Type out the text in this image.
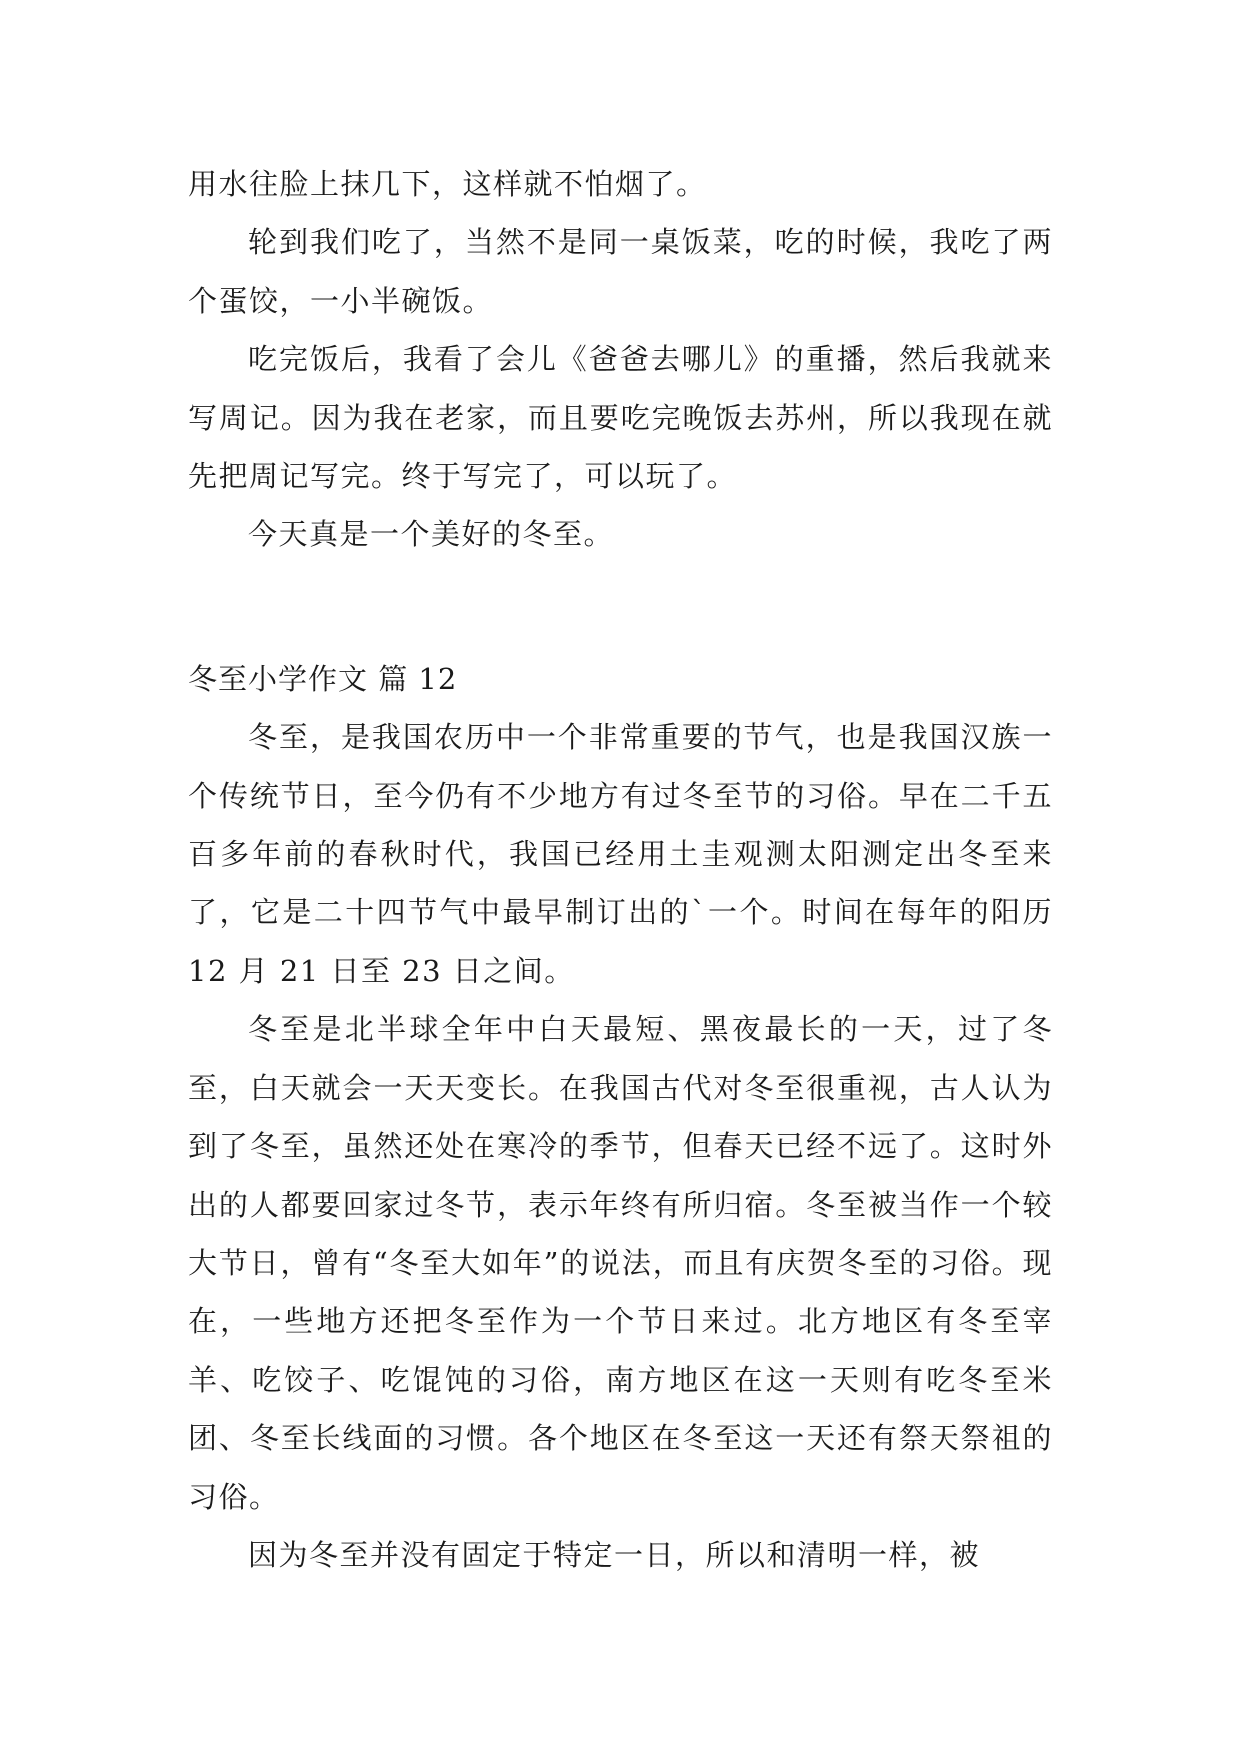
用水往脸上抹几下，这样就不怕烟了。

轮到我们吃了，当然不是同一桌饭菜，吃的时候，我吃了两个蛋饺，一小半碗饭。

吃完饭后，我看了会儿《爸爸去哪儿》的重播，然后我就来写周记。因为我在老家，而且要吃完晚饭去苏州，所以我现在就先把周记写完。终于写完了，可以玩了。

今天真是一个美好的冬至。

冬至小学作文 篇 12

冬至，是我国农历中一个非常重要的节气，也是我国汉族一个传统节日，至今仍有不少地方有过冬至节的习俗。早在二千五百多年前的春秋时代，我国已经用土圭观测太阳测定出冬至来了，它是二十四节气中最早制订出的`一个。时间在每年的阳历 12 月 21 日至 23 日之间。

冬至是北半球全年中白天最短、黑夜最长的一天，过了冬至，白天就会一天天变长。在我国古代对冬至很重视，古人认为到了冬至，虽然还处在寒冷的季节，但春天已经不远了。这时外出的人都要回家过冬节，表示年终有所归宿。冬至被当作一个较大节日，曾有“冬至大如年”的说法，而且有庆贺冬至的习俗。现在，一些地方还把冬至作为一个节日来过。北方地区有冬至宰羊、吃饺子、吃馄饨的习俗，南方地区在这一天则有吃冬至米团、冬至长线面的习惯。各个地区在冬至这一天还有祭天祭祖的习俗。

因为冬至并没有固定于特定一日，所以和清明一样，被
